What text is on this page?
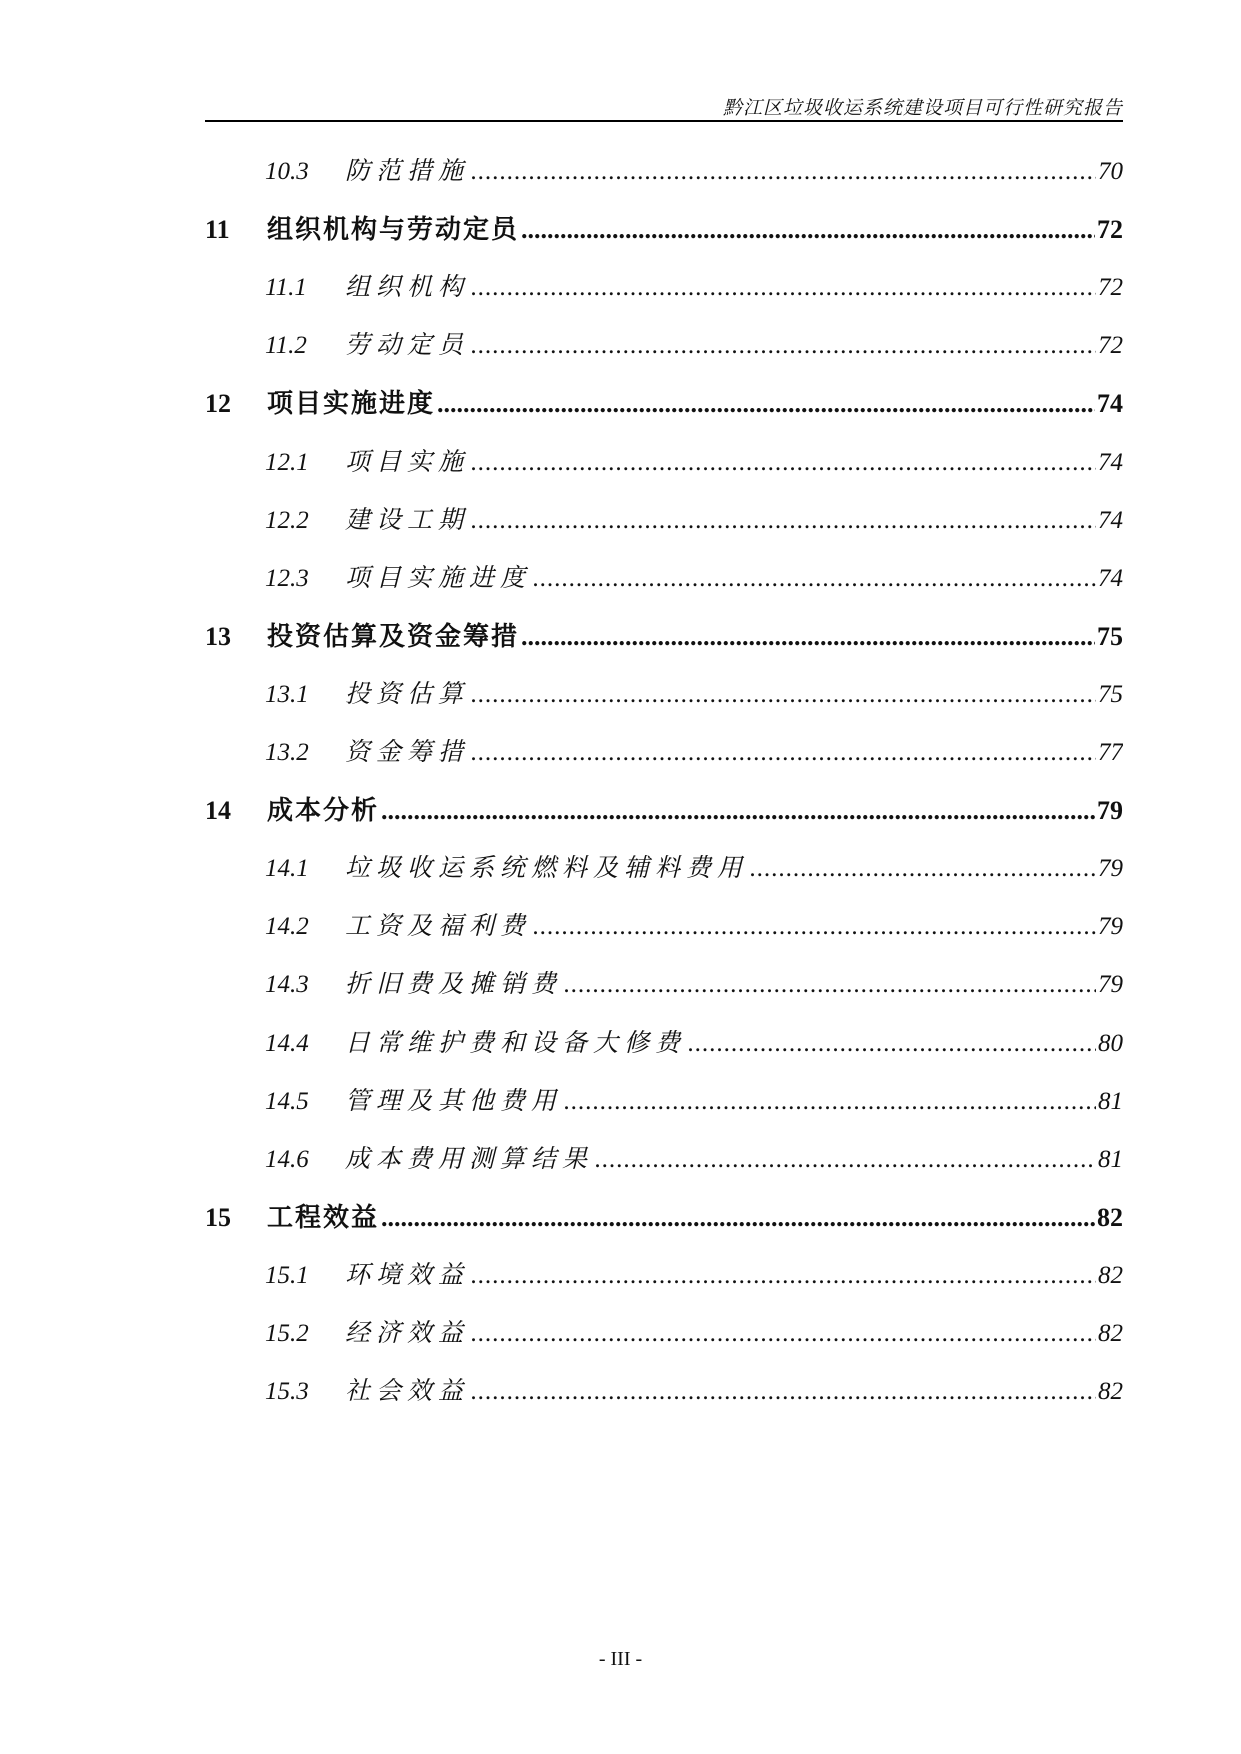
黔江区垃圾收运系统建设项目可行性研究报告
10.3	防范措施 .....	70
11	组织机构与劳动定员 .....	72
11.1	组织机构 .....	72
11.2	劳动定员 .....	72
12	项目实施进度 .....	74
12.1	项目实施 .....	74
12.2	建设工期 .....	74
12.3	项目实施进度 .....	74
13	投资估算及资金筹措 .....	75
13.1	投资估算 .....	75
13.2	资金筹措 .....	77
14	成本分析 .....	79
14.1	垃圾收运系统燃料及辅料费用 .....	79
14.2	工资及福利费 .....	79
14.3	折旧费及摊销费 .....	79
14.4	日常维护费和设备大修费 .....	80
14.5	管理及其他费用 .....	81
14.6	成本费用测算结果 .....	81
15	工程效益 .....	82
15.1	环境效益 .....	82
15.2	经济效益 .....	82
15.3	社会效益 .....	82
- III -
